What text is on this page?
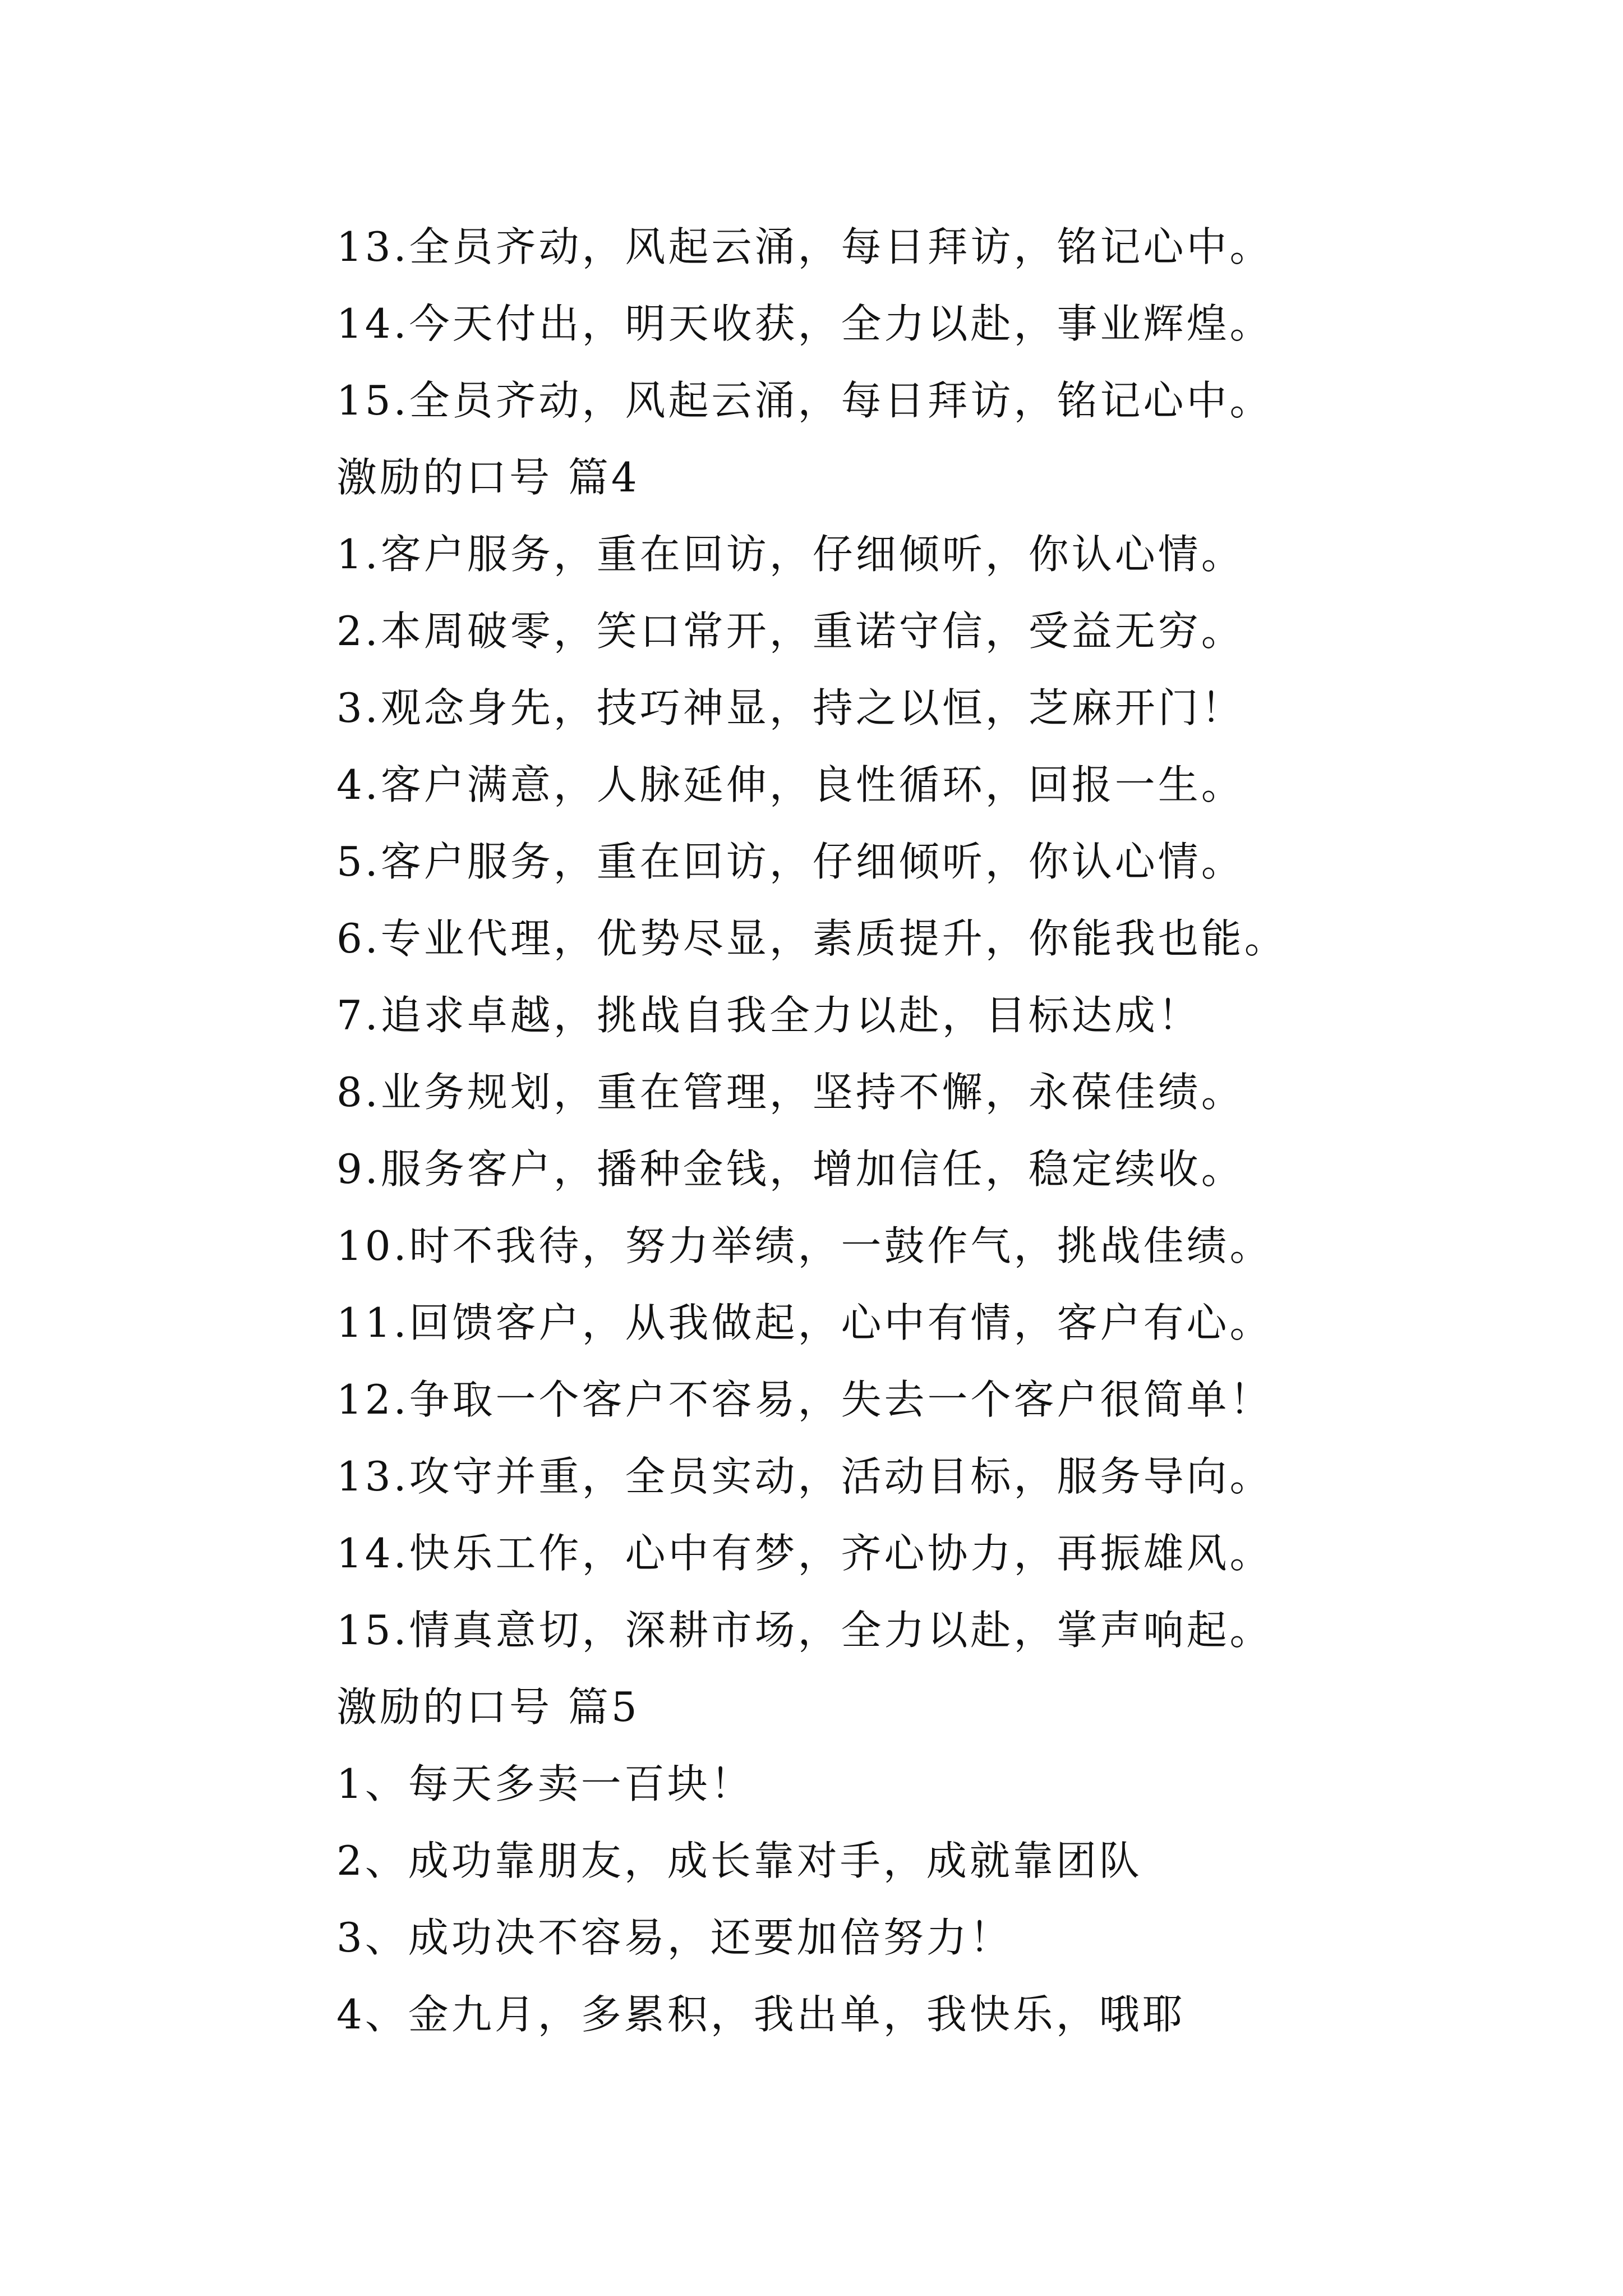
13.全员齐动，风起云涌，每日拜访，铭记心中。
14.今天付出，明天收获，全力以赴，事业辉煌。
15.全员齐动，风起云涌，每日拜访，铭记心中。
激励的口号 篇4
1.客户服务，重在回访，仔细倾听，你认心情。
2.本周破零，笑口常开，重诺守信，受益无穷。
3.观念身先，技巧神显，持之以恒，芝麻开门！
4.客户满意，人脉延伸，良性循环，回报一生。
5.客户服务，重在回访，仔细倾听，你认心情。
6.专业代理，优势尽显，素质提升，你能我也能。
7.追求卓越，挑战自我全力以赴，目标达成！
8.业务规划，重在管理，坚持不懈，永葆佳绩。
9.服务客户，播种金钱，增加信任，稳定续收。
10.时不我待，努力举绩，一鼓作气，挑战佳绩。
11.回馈客户，从我做起，心中有情，客户有心。
12.争取一个客户不容易，失去一个客户很简单！
13.攻守并重，全员实动，活动目标，服务导向。
14.快乐工作，心中有梦，齐心协力，再振雄风。
15.情真意切，深耕市场，全力以赴，掌声响起。
激励的口号 篇5
1、每天多卖一百块！
2、成功靠朋友，成长靠对手，成就靠团队
3、成功决不容易，还要加倍努力！
4、金九月，多累积，我出单，我快乐，哦耶
